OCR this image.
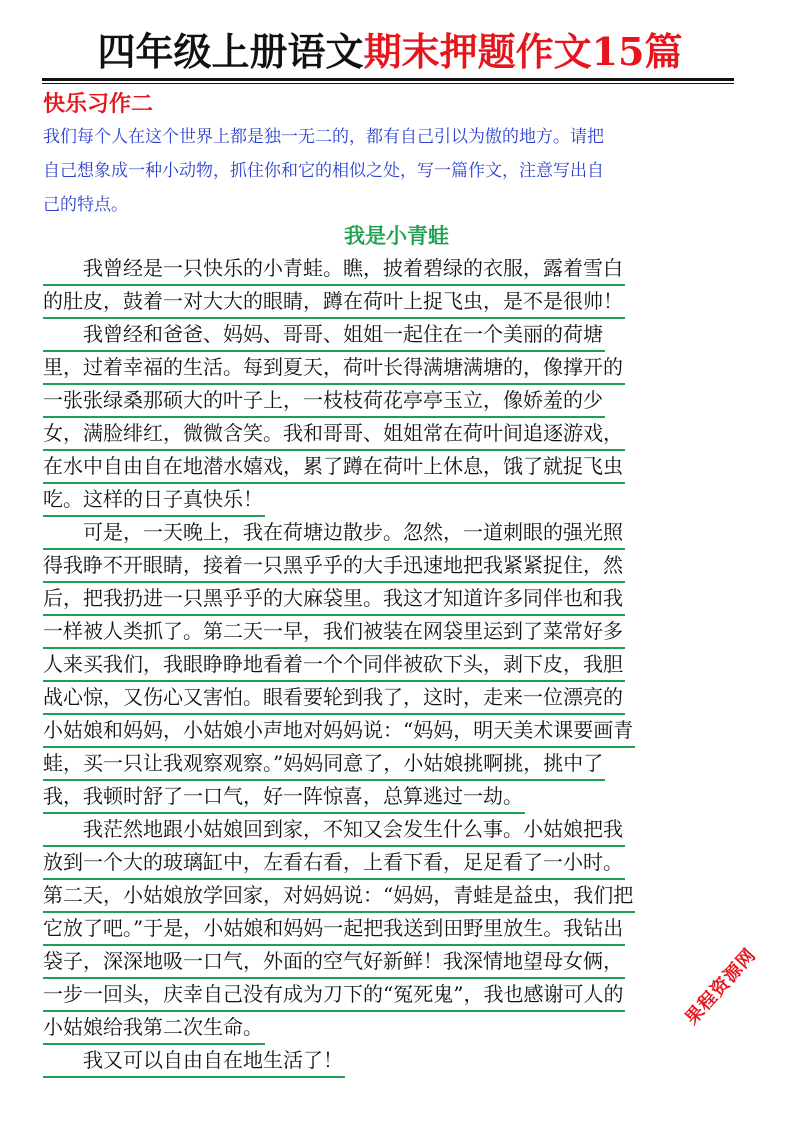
四年级上册语文期末押题作文15篇
快乐习作二

我们每个人在这个世界上都是独一无二的，都有自己引以为傲的地方。请把

自己想象成一种小动物，抓住你和它的相似之处，写一篇作文，注意写出自

己的特点。

我是小青蛙
　　我曾经是一只快乐的小青蛙。瞧，披着碧绿的衣服，露着雪白
的肚皮，鼓着一对大大的眼睛，蹲在荷叶上捉飞虫，是不是很帅！
　　我曾经和爸爸、妈妈、哥哥、姐姐一起住在一个美丽的荷塘
里，过着幸福的生活。每到夏天，荷叶长得满塘满塘的，像撑开的
一张张绿桑那硕大的叶子上，一枝枝荷花亭亭玉立，像娇羞的少
女，满脸绯红，微微含笑。我和哥哥、姐姐常在荷叶间追逐游戏，
在水中自由自在地潜水嬉戏，累了蹲在荷叶上休息，饿了就捉飞虫
吃。这样的日子真快乐！
　　可是，一天晚上，我在荷塘边散步。忽然，一道刺眼的强光照
得我睁不开眼睛，接着一只黑乎乎的大手迅速地把我紧紧捉住，然
后，把我扔进一只黑乎乎的大麻袋里。我这才知道许多同伴也和我
一样被人类抓了。第二天一早，我们被装在网袋里运到了菜常好多
人来买我们，我眼睁睁地看着一个个同伴被砍下头，剥下皮，我胆
战心惊，又伤心又害怕。眼看要轮到我了，这时，走来一位漂亮的
小姑娘和妈妈，小姑娘小声地对妈妈说：“妈妈，明天美术课要画青
蛙，买一只让我观察观察。”妈妈同意了，小姑娘挑啊挑，挑中了
我，我顿时舒了一口气，好一阵惊喜，总算逃过一劫。
　　我茫然地跟小姑娘回到家，不知又会发生什么事。小姑娘把我
放到一个大的玻璃缸中，左看右看，上看下看，足足看了一小时。
第二天，小姑娘放学回家，对妈妈说：“妈妈，青蛙是益虫，我们把
它放了吧。”于是，小姑娘和妈妈一起把我送到田野里放生。我钻出
袋子，深深地吸一口气，外面的空气好新鲜！我深情地望母女俩，
一步一回头，庆幸自己没有成为刀下的“冤死鬼”，我也感谢可人的
小姑娘给我第二次生命。
　　我又可以自由自在地生活了！
果程资源网
